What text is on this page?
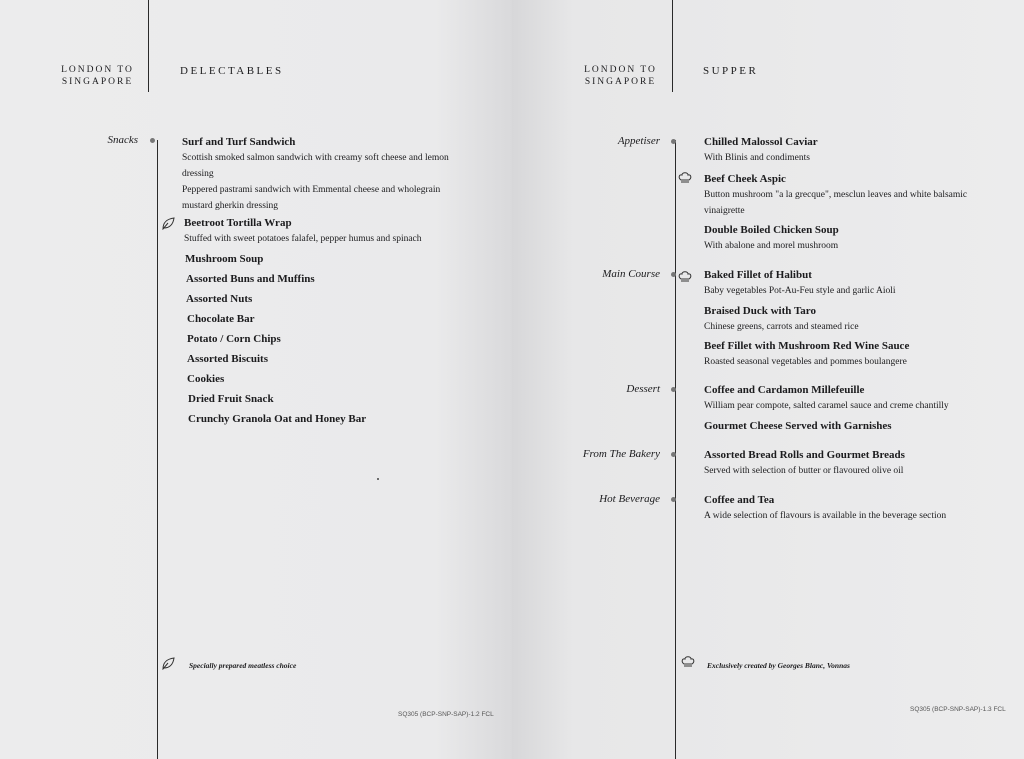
LONDON TO SINGAPORE
DELECTABLES
Snacks	Surf and Turf Sandwich
Scottish smoked salmon sandwich with creamy soft cheese and lemon
dressing
Peppered pastrami sandwich with Emmental cheese and wholegrain
mustard gherkin dressing
Beetroot Tortilla Wrap
Stuffed with sweet potatoes falafel, pepper humus and spinach
Mushroom Soup
Assorted Buns and Muffins
Assorted Nuts
Chocolate Bar
Potato / Corn Chips
Assorted Biscuits
Cookies
Dried Fruit Snack
Crunchy Granola Oat and Honey Bar
Specially prepared meatless choice
SQ305 (BCP-SNP-SAP)-1.2 FCL
LONDON TO SINGAPORE
SUPPER
Appetiser	Chilled Malossol Caviar
With Blinis and condiments
Beef Cheek Aspic
Button mushroom "a la grecque", mesclun leaves and white balsamic
vinaigrette
Double Boiled Chicken Soup
With abalone and morel mushroom
Main Course	Baked Fillet of Halibut
Baby vegetables Pot-Au-Feu style and garlic Aioli
Braised Duck with Taro
Chinese greens, carrots and steamed rice
Beef Fillet with Mushroom Red Wine Sauce
Roasted seasonal vegetables and pommes boulangere
Dessert	Coffee and Cardamon Millefeuille
William pear compote, salted caramel sauce and creme chantilly
Gourmet Cheese Served with Garnishes
From The Bakery	Assorted Bread Rolls and Gourmet Breads
Served with selection of butter or flavoured olive oil
Hot Beverage	Coffee and Tea
A wide selection of flavours is available in the beverage section
Exclusively created by Georges Blanc, Vonnas
SQ305 (BCP-SNP-SAP)-1.3 FCL
